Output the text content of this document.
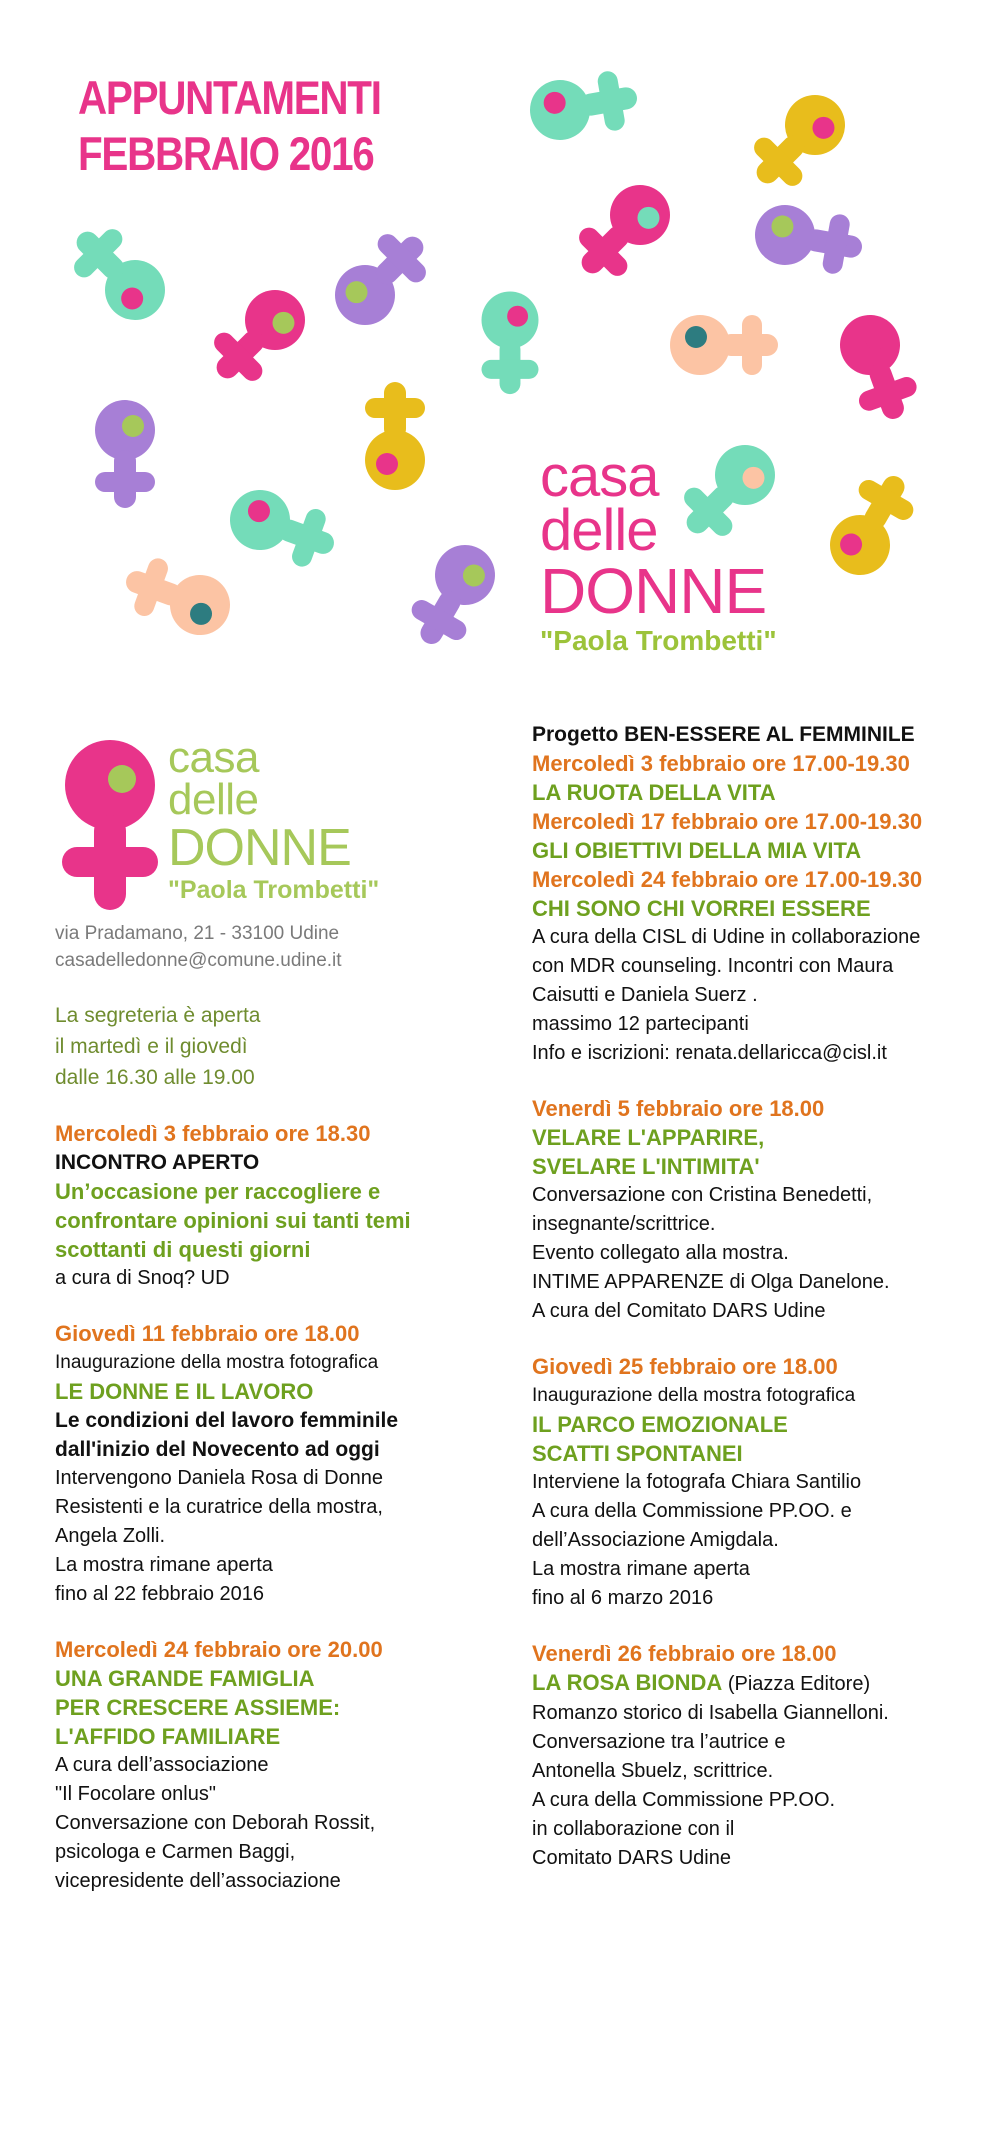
APPUNTAMENTI
FEBBRAIO 2016
casa
delle
DONNE
"Paola Trombetti"
casa
delle
DONNE
"Paola Trombetti"

via Pradamano, 21 - 33100 Udine

casadelledonne@comune.udine.it

La segreteria è aperta

il martedì e il giovedì

dalle 16.30 alle 19.00

Mercoledì 3 febbraio ore 18.30

INCONTRO APERTO

Un’occasione per raccogliere e

confrontare opinioni sui tanti temi

scottanti di questi giorni

a cura di Snoq? UD

Giovedì 11 febbraio ore 18.00

Inaugurazione della mostra fotografica

LE DONNE E IL LAVORO

Le condizioni del lavoro femminile

dall'inizio del Novecento ad oggi

Intervengono Daniela Rosa di Donne

Resistenti e la curatrice della mostra,

Angela Zolli.

La mostra rimane aperta

fino al 22 febbraio 2016

Mercoledì 24 febbraio ore 20.00

UNA GRANDE FAMIGLIA

PER CRESCERE ASSIEME:

L'AFFIDO FAMILIARE

A cura dell’associazione

"Il Focolare onlus"

Conversazione con Deborah Rossit,

psicologa e Carmen Baggi,

vicepresidente dell’associazione

Progetto BEN-ESSERE AL FEMMINILE

Mercoledì 3 febbraio ore 17.00-19.30

LA RUOTA DELLA VITA

Mercoledì 17 febbraio ore 17.00-19.30

GLI OBIETTIVI DELLA MIA VITA

Mercoledì 24 febbraio ore 17.00-19.30

CHI SONO CHI VORREI ESSERE

A cura della CISL di Udine in collaborazione

con MDR counseling. Incontri con Maura

Caisutti e Daniela Suerz .

massimo 12 partecipanti

Info e iscrizioni: renata.dellaricca@cisl.it

Venerdì 5 febbraio ore 18.00

VELARE L'APPARIRE,

SVELARE L'INTIMITA'

Conversazione con Cristina Benedetti,

insegnante/scrittrice.

Evento collegato alla mostra.

INTIME APPARENZE di Olga Danelone.

A cura del Comitato DARS Udine

Giovedì 25 febbraio ore 18.00

Inaugurazione della mostra fotografica

IL PARCO EMOZIONALE

SCATTI SPONTANEI

Interviene la fotografa Chiara Santilio

A cura della Commissione PP.OO. e

dell’Associazione Amigdala.

La mostra rimane aperta

fino al 6 marzo 2016

Venerdì 26 febbraio ore 18.00

LA ROSA BIONDA (Piazza Editore)

Romanzo storico di Isabella Giannelloni.

Conversazione tra l’autrice e

Antonella Sbuelz, scrittrice.

A cura della Commissione PP.OO.

in collaborazione con il

Comitato DARS Udine
